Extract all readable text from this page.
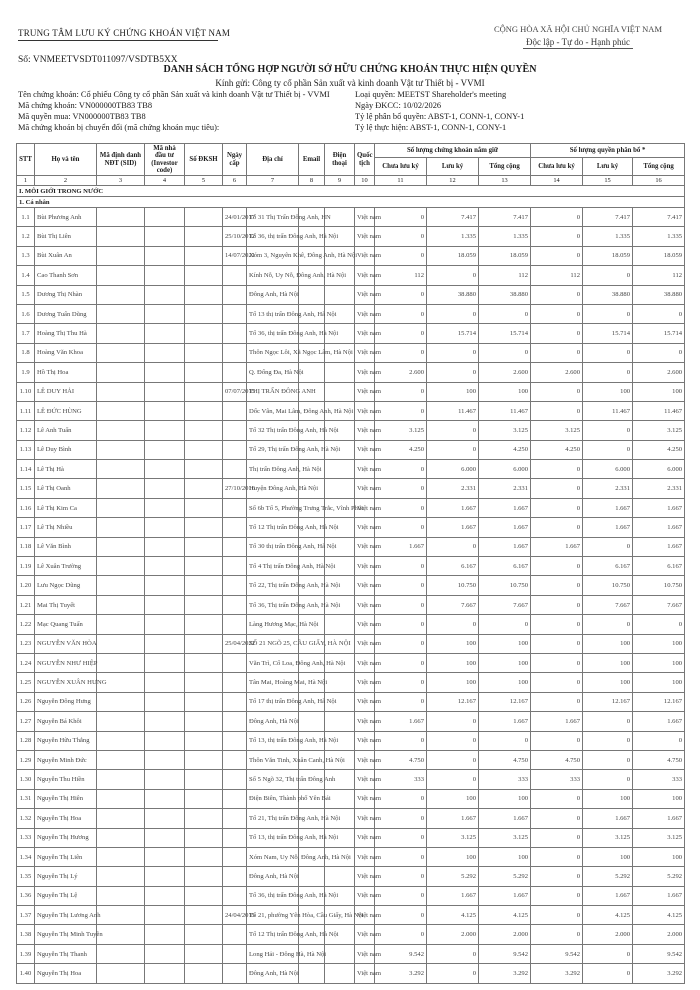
TRUNG TÂM LƯU KÝ CHỨNG KHOÁN VIỆT NAM
Số: VNMEETVSDT011097/VSDTB5XX
CỘNG HÒA XÃ HỘI CHỦ NGHĨA VIỆT NAM
Độc lập - Tự do - Hạnh phúc
DANH SÁCH TỔNG HỢP NGƯỜI SỞ HỮU CHỨNG KHOÁN THỰC HIỆN QUYỀN
Kính gửi: Công ty cổ phần Sản xuất và kinh doanh Vật tư Thiết bị - VVMI
Tên chứng khoán: Cổ phiếu Công ty cổ phần Sản xuất và kinh doanh Vật tư Thiết bị - VVMI
Mã chứng khoán: VN000000TB83 TB8
Mã quyền mua: VN000000TB83 TB8
Mã chứng khoán bị chuyển đổi (mã chứng khoán mục tiêu):
Loại quyền: MEETST Shareholder's meeting
Ngày ĐKCC: 10/02/2026
Tỷ lệ phân bổ quyền: ABST-1, CONN-1, CONY-1
Tỷ lệ thực hiện: ABST-1, CONN-1, CONY-1
STT	Họ và tên	Mã định danh NĐT (SID)	Mã nhà đầu tư (Investor code)	Số ĐKSH	Ngày cấp	Địa chỉ	Email	Điện thoại	Quốc tịch	Số lượng chứng khoán nắm giữ			Số lượng quyền phân bổ *		
										Chưa lưu ký	Lưu ký	Tổng cộng	Chưa lưu ký	Lưu ký	Tổng cộng
1	2	3	4	5	6	7	8	9	10	11	12	13	14	15	16
I. MÔI GIỚI TRONG NƯỚC															
1. Cá nhân															
1.1	Bùi Phương Anh				24/01/2017	Tổ 31 Thị Trấn Đông Anh, HN			Việt nam	0	7.417	7.417	0	7.417	7.417
1.2	Bùi Thị Liên				25/10/2012	Tổ 36, thị trấn Đông Anh, Hà Nội			Việt nam	0	1.335	1.335	0	1.335	1.335
1.3	Bùi Xuân An				14/07/2021	Xóm 3, Nguyên Khê, Đông Anh, Hà Nội			Việt nam	0	18.059	18.059	0	18.059	18.059
1.4	Cao Thanh Sơn					Kính Nỗ, Uy Nỗ, Đông Anh, Hà Nội			Việt nam	112	0	112	112	0	112
1.5	Dương Thị Nhàn					Đông Anh, Hà Nội			Việt nam	0	38.880	38.880	0	38.880	38.880
1.6	Dương Tuấn Dũng					Tổ 13 thị trấn Đông Anh, Hà Nội			Việt nam	0	0	0	0	0	0
1.7	Hoàng Thị Thu Hà					Tổ 36, thị trấn Đông Anh, Hà Nội			Việt nam	0	15.714	15.714	0	15.714	15.714
1.8	Hoàng Văn Khoa					Thôn Ngọc Lôi, Xã Ngọc Lâm, Hà Nội			Việt nam	0	0	0	0	0	0
1.9	Hồ Thị Hoa					Q. Đống Đa, Hà Nội			Việt nam	2.600	0	2.600	2.600	0	2.600
1.10	LÊ DUY HẢI				07/07/2015	THỊ TRẤN ĐÔNG ANH			Việt nam	0	100	100	0	100	100
1.11	LÊ ĐỨC HÙNG					Dốc Vân, Mai Lâm, Đông Anh, Hà Nội			Việt nam	0	11.467	11.467	0	11.467	11.467
1.12	Lê Anh Tuấn					Tổ 32 Thị trấn Đông Anh, Hà Nội			Việt nam	3.125	0	3.125	3.125	0	3.125
1.13	Lê Duy Bình					Tổ 29, Thị trấn Đông Anh, Hà Nội			Việt nam	4.250	0	4.250	4.250	0	4.250
1.14	Lê Thị Hà					Thị trấn Đông Anh, Hà Nội			Việt nam	0	6.000	6.000	0	6.000	6.000
1.15	Lê Thị Oanh				27/10/2016	Huyện Đông Anh, Hà Nội			Việt nam	0	2.331	2.331	0	2.331	2.331
1.16	Lê Thị Kim Ca					Số 6b Tổ 5, Phường Trưng Trắc, Vĩnh Phúc			Việt nam	0	1.667	1.667	0	1.667	1.667
1.17	Lê Thị Nhiều					Tổ 12 Thị trấn Đông Anh, Hà Nội			Việt nam	0	1.667	1.667	0	1.667	1.667
1.18	Lê Văn Bình					Tổ 30 thị trấn Đông Anh, Hà Nội			Việt nam	1.667	0	1.667	1.667	0	1.667
1.19	Lê Xuân Trường					Tổ 4 Thị trấn Đông Anh, Hà Nội			Việt nam	0	6.167	6.167	0	6.167	6.167
1.20	Lưu Ngọc Dũng					Tổ 22, Thị trấn Đông Anh, Hà Nội			Việt nam	0	10.750	10.750	0	10.750	10.750
1.21	Mai Thị Tuyết					Tổ 36, Thị trấn Đông Anh, Hà Nội			Việt nam	0	7.667	7.667	0	7.667	7.667
1.22	Mạc Quang Tuấn					Làng Hương Mạc, Hà Nội			Việt nam	0	0	0	0	0	0
1.23	NGUYỄN VĂN HÒA				25/04/2022	SỐ 21 NGÕ 25, CẦU GIẤY, HÀ NỘI			Việt nam	0	100	100	0	100	100
1.24	NGUYỄN NHƯ HIỆP					Văn Trì, Cổ Loa, Đông Anh, Hà Nội			Việt nam	0	100	100	0	100	100
1.25	NGUYỄN XUÂN HƯNG					Tân Mai, Hoàng Mai, Hà Nội			Việt nam	0	100	100	0	100	100
1.26	Nguyễn Đông Hưng					Tổ 17 thị trấn Đông Anh, Hà Nội			Việt nam	0	12.167	12.167	0	12.167	12.167
1.27	Nguyễn Bá Khôi					Đông Anh, Hà Nội			Việt nam	1.667	0	1.667	1.667	0	1.667
1.28	Nguyễn Hữu Thắng					Tổ 13, thị trấn Đông Anh, Hà Nội			Việt nam	0	0	0	0	0	0
1.29	Nguyễn Minh Đức					Thôn Văn Tinh, Xuân Canh, Hà Nội			Việt nam	4.750	0	4.750	4.750	0	4.750
1.30	Nguyễn Thu Hiền					Số 5 Ngõ 32, Thị trấn Đông Anh			Việt nam	333	0	333	333	0	333
1.31	Nguyễn Thị Hiên					Điện Biên, Thành phố Yên Bái			Việt nam	0	100	100	0	100	100
1.32	Nguyễn Thị Hoa					Tổ 21, Thị trấn Đông Anh, Hà Nội			Việt nam	0	1.667	1.667	0	1.667	1.667
1.33	Nguyễn Thị Hương					Tổ 13, thị trấn Đông Anh, Hà Nội			Việt nam	0	3.125	3.125	0	3.125	3.125
1.34	Nguyễn Thị Liên					Xóm Nam, Uy Nỗ, Đông Anh, Hà Nội			Việt nam	0	100	100	0	100	100
1.35	Nguyễn Thị Lý					Đông Anh, Hà Nội			Việt nam	0	5.292	5.292	0	5.292	5.292
1.36	Nguyễn Thị Lệ					Tổ 36, thị trấn Đông Anh, Hà Nội			Việt nam	0	1.667	1.667	0	1.667	1.667
1.37	Nguyễn Thị Lương Anh				24/04/2015	Tổ 21, phường Yên Hòa, Cầu Giấy, Hà Nội			Việt nam	0	4.125	4.125	0	4.125	4.125
1.38	Nguyễn Thị Minh Tuyền					Tổ 12 Thị trấn Đông Anh, Hà Nội			Việt nam	0	2.000	2.000	0	2.000	2.000
1.39	Nguyễn Thị Thanh					Long Hải - Đông Hà, Hà Nội			Việt nam	9.542	0	9.542	9.542	0	9.542
1.40	Nguyễn Thị Hoa					Đông Anh, Hà Nội			Việt nam	3.292	0	3.292	3.292	0	3.292
